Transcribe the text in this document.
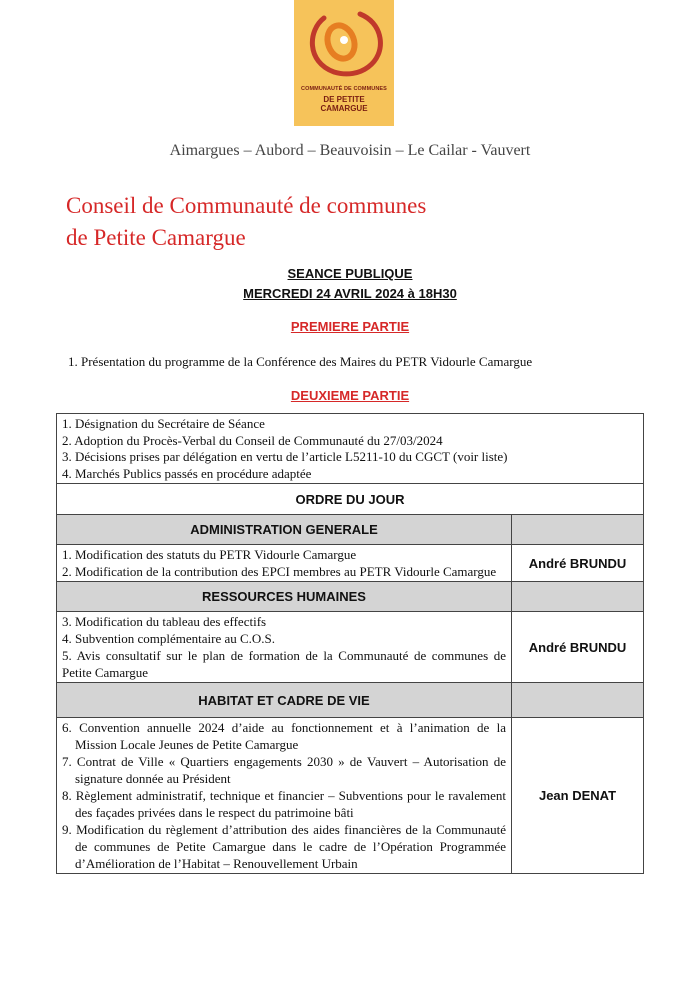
COMMUNAUTÉ DE COMMUNES
DE PETITE
CAMARGUE
Aimargues – Aubord – Beauvoisin – Le Cailar - Vauvert
Conseil de Communauté de communes
de Petite Camargue
SEANCE PUBLIQUE
MERCREDI 24 AVRIL 2024 à 18H30
PREMIERE PARTIE
1. Présentation du programme de la Conférence des Maires du PETR Vidourle Camargue
DEUXIEME PARTIE
1. Désignation du Secrétaire de Séance
2. Adoption du Procès-Verbal du Conseil de Communauté du 27/03/2024
3. Décisions prises par délégation en vertu de l’article L5211-10 du CGCT (voir liste)
4. Marchés Publics passés en procédure adaptée	

ORDRE DU JOUR	
ADMINISTRATION GENERALE	

1. Modification des statuts du PETR Vidourle Camargue
2. Modification de la contribution des EPCI membres au PETR Vidourle Camargue	André BRUNDU
RESSOURCES HUMAINES	

3. Modification du tableau des effectifs
4. Subvention complémentaire au C.O.S.
5. Avis consultatif sur le plan de formation de la Communauté de communes de Petite Camargue	André BRUNDU
HABITAT ET CADRE DE VIE	

6. Convention annuelle 2024 d’aide au fonctionnement et à l’animation de la Mission Locale Jeunes de Petite Camargue
7. Contrat de Ville « Quartiers engagements 2030 » de Vauvert – Autorisation de signature donnée au Président
8. Règlement administratif, technique et financier – Subventions pour le ravalement des façades privées dans le respect du patrimoine bâti
9. Modification du règlement d’attribution des aides financières de la Communauté de communes de Petite Camargue dans le cadre de l’Opération Programmée d’Amélioration de l’Habitat – Renouvellement Urbain	Jean DENAT
